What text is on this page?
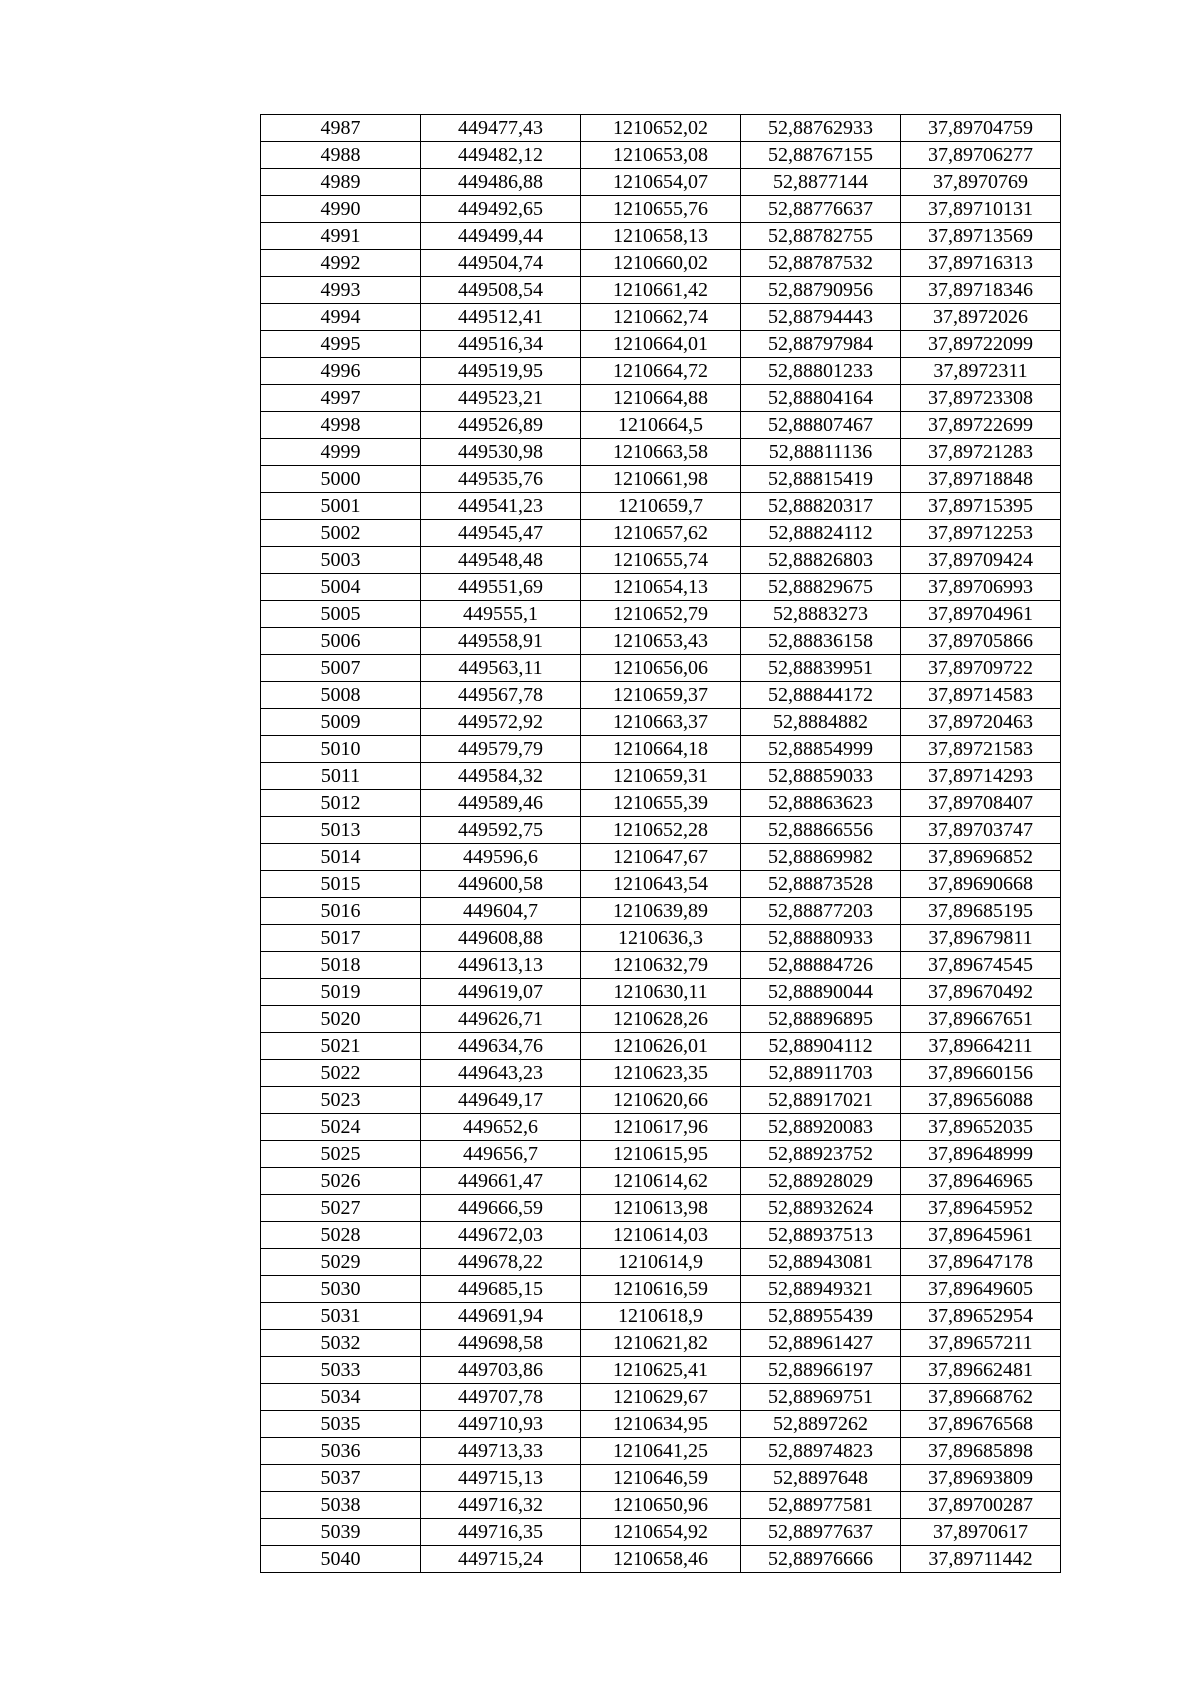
4987	449477,43	1210652,02	52,88762933	37,89704759
4988	449482,12	1210653,08	52,88767155	37,89706277
4989	449486,88	1210654,07	52,8877144	37,8970769
4990	449492,65	1210655,76	52,88776637	37,89710131
4991	449499,44	1210658,13	52,88782755	37,89713569
4992	449504,74	1210660,02	52,88787532	37,89716313
4993	449508,54	1210661,42	52,88790956	37,89718346
4994	449512,41	1210662,74	52,88794443	37,8972026
4995	449516,34	1210664,01	52,88797984	37,89722099
4996	449519,95	1210664,72	52,88801233	37,8972311
4997	449523,21	1210664,88	52,88804164	37,89723308
4998	449526,89	1210664,5	52,88807467	37,89722699
4999	449530,98	1210663,58	52,88811136	37,89721283
5000	449535,76	1210661,98	52,88815419	37,89718848
5001	449541,23	1210659,7	52,88820317	37,89715395
5002	449545,47	1210657,62	52,88824112	37,89712253
5003	449548,48	1210655,74	52,88826803	37,89709424
5004	449551,69	1210654,13	52,88829675	37,89706993
5005	449555,1	1210652,79	52,8883273	37,89704961
5006	449558,91	1210653,43	52,88836158	37,89705866
5007	449563,11	1210656,06	52,88839951	37,89709722
5008	449567,78	1210659,37	52,88844172	37,89714583
5009	449572,92	1210663,37	52,8884882	37,89720463
5010	449579,79	1210664,18	52,88854999	37,89721583
5011	449584,32	1210659,31	52,88859033	37,89714293
5012	449589,46	1210655,39	52,88863623	37,89708407
5013	449592,75	1210652,28	52,88866556	37,89703747
5014	449596,6	1210647,67	52,88869982	37,89696852
5015	449600,58	1210643,54	52,88873528	37,89690668
5016	449604,7	1210639,89	52,88877203	37,89685195
5017	449608,88	1210636,3	52,88880933	37,89679811
5018	449613,13	1210632,79	52,88884726	37,89674545
5019	449619,07	1210630,11	52,88890044	37,89670492
5020	449626,71	1210628,26	52,88896895	37,89667651
5021	449634,76	1210626,01	52,88904112	37,89664211
5022	449643,23	1210623,35	52,88911703	37,89660156
5023	449649,17	1210620,66	52,88917021	37,89656088
5024	449652,6	1210617,96	52,88920083	37,89652035
5025	449656,7	1210615,95	52,88923752	37,89648999
5026	449661,47	1210614,62	52,88928029	37,89646965
5027	449666,59	1210613,98	52,88932624	37,89645952
5028	449672,03	1210614,03	52,88937513	37,89645961
5029	449678,22	1210614,9	52,88943081	37,89647178
5030	449685,15	1210616,59	52,88949321	37,89649605
5031	449691,94	1210618,9	52,88955439	37,89652954
5032	449698,58	1210621,82	52,88961427	37,89657211
5033	449703,86	1210625,41	52,88966197	37,89662481
5034	449707,78	1210629,67	52,88969751	37,89668762
5035	449710,93	1210634,95	52,8897262	37,89676568
5036	449713,33	1210641,25	52,88974823	37,89685898
5037	449715,13	1210646,59	52,8897648	37,89693809
5038	449716,32	1210650,96	52,88977581	37,89700287
5039	449716,35	1210654,92	52,88977637	37,8970617
5040	449715,24	1210658,46	52,88976666	37,89711442
